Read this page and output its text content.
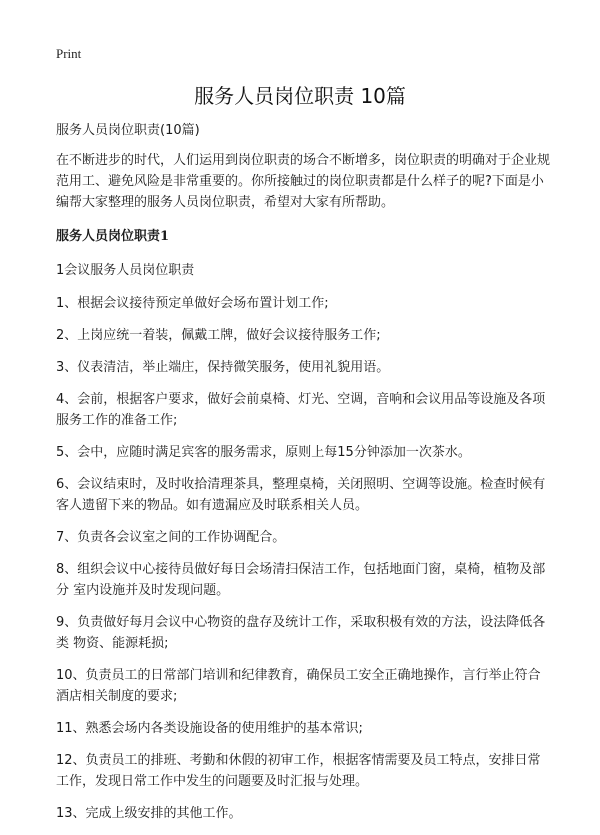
Print
服务人员岗位职责 10篇

服务人员岗位职责(10篇)

在不断进步的时代，人们运用到岗位职责的场合不断增多，岗位职责的明确对于企业规范用工、避免风险是非常重要的。你所接触过的岗位职责都是什么样子的呢?下面是小编帮大家整理的服务人员岗位职责，希望对大家有所帮助。

服务人员岗位职责1

1会议服务人员岗位职责

1、根据会议接待预定单做好会场布置计划工作;

2、上岗应统一着装，佩戴工牌，做好会议接待服务工作;

3、仪表清洁，举止端庄，保持微笑服务，使用礼貌用语。

4、会前，根据客户要求，做好会前桌椅、灯光、空调，音响和会议用品等设施及各项服务工作的准备工作;

5、会中，应随时满足宾客的服务需求，原则上每15分钟添加一次茶水。

6、会议结束时，及时收拾清理茶具，整理桌椅，关闭照明、空调等设施。检查时候有客人遗留下来的物品。如有遗漏应及时联系相关人员。

7、负责各会议室之间的工作协调配合。

8、组织会议中心接待员做好每日会场清扫保洁工作，包括地面门窗，桌椅，植物及部分 室内设施并及时发现问题。

9、负责做好每月会议中心物资的盘存及统计工作，采取积极有效的方法，设法降低各类 物资、能源耗损;

10、负责员工的日常部门培训和纪律教育，确保员工安全正确地操作，言行举止符合酒店相关制度的要求;

11、熟悉会场内各类设施设备的使用维护的基本常识;

12、负责员工的排班、考勤和休假的初审工作，根据客情需要及员工特点，安排日常工作，发现日常工作中发生的问题要及时汇报与处理。

13、完成上级安排的其他工作。
